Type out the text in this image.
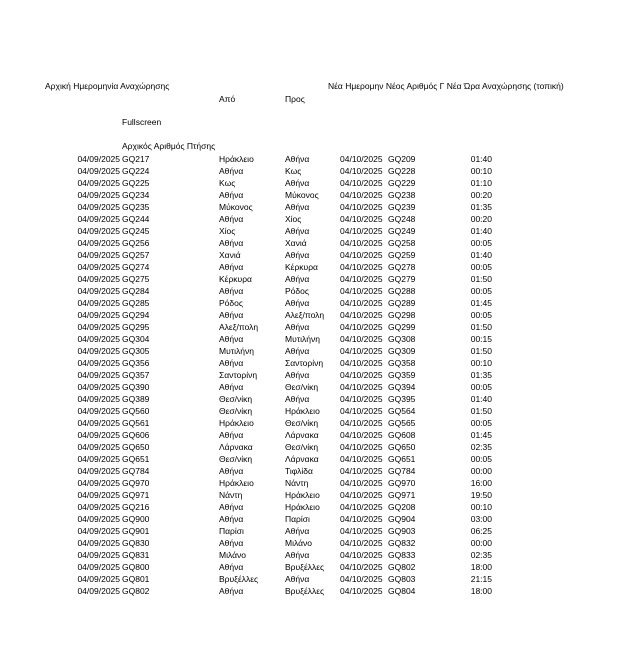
Αρχική Ημερομηνία Αναχώρησης	Νέα Ημερομην Νέος Αριθμός Γ Νέα Ώρα Αναχώρησης (τοπική)
Από	Προς
Fullscreen
Αρχικός Αριθμός Πτήσης
04/09/2025 GQ217	Ηράκλειο	Αθήνα	04/10/2025 GQ209	01:40
04/09/2025 GQ224	Αθήνα	Κως	04/10/2025 GQ228	00:10
04/09/2025 GQ225	Κως	Αθήνα	04/10/2025 GQ229	01:10
04/09/2025 GQ234	Αθήνα	Μύκονος	04/10/2025 GQ238	00:20
04/09/2025 GQ235	Μύκονος	Αθήνα	04/10/2025 GQ239	01:35
04/09/2025 GQ244	Αθήνα	Χίος	04/10/2025 GQ248	00:20
04/09/2025 GQ245	Χίος	Αθήνα	04/10/2025 GQ249	01:40
04/09/2025 GQ256	Αθήνα	Χανιά	04/10/2025 GQ258	00:05
04/09/2025 GQ257	Χανιά	Αθήνα	04/10/2025 GQ259	01:40
04/09/2025 GQ274	Αθήνα	Κέρκυρα	04/10/2025 GQ278	00:05
04/09/2025 GQ275	Κέρκυρα	Αθήνα	04/10/2025 GQ279	01:50
04/09/2025 GQ284	Αθήνα	Ρόδος	04/10/2025 GQ288	00:05
04/09/2025 GQ285	Ρόδος	Αθήνα	04/10/2025 GQ289	01:45
04/09/2025 GQ294	Αθήνα	Αλεξ/πολη 04/10/2025 GQ298	00:05
04/09/2025 GQ295	Αλεξ/πολη	Αθήνα	04/10/2025 GQ299	01:50
04/09/2025 GQ304	Αθήνα	Μυτιλήνη 04/10/2025 GQ308	00:15
04/09/2025 GQ305	Μυτιλήνη	Αθήνα	04/10/2025 GQ309	01:50
04/09/2025 GQ356	Αθήνα	Σαντορίνη 04/10/2025 GQ358	00:10
04/09/2025 GQ357	Σαντορίνη	Αθήνα	04/10/2025 GQ359	01:35
04/09/2025 GQ390	Αθήνα	Θεσ/νίκη	04/10/2025 GQ394	00:05
04/09/2025 GQ389	Θεσ/νίκη	Αθήνα	04/10/2025 GQ395	01:40
04/09/2025 GQ560	Θεσ/νίκη	Ηράκλειο 04/10/2025 GQ564	01:50
04/09/2025 GQ561	Ηράκλειο	Θεσ/νίκη	04/10/2025 GQ565	00:05
04/09/2025 GQ606	Αθήνα	Λάρνακα	04/10/2025 GQ608	01:45
04/09/2025 GQ650	Λάρνακα	Θεσ/νίκη	04/10/2025 GQ650	02:35
04/09/2025 GQ651	Θεσ/νίκη	Λάρνακα	04/10/2025 GQ651	00:05
04/09/2025 GQ784	Αθήνα	Τιφλίδα	04/10/2025 GQ784	00:00
04/09/2025 GQ970	Ηράκλειο	Νάντη	04/10/2025 GQ970	16:00
04/09/2025 GQ971	Νάντη	Ηράκλειο 04/10/2025 GQ971	19:50
04/09/2025 GQ216	Αθήνα	Ηράκλειο 04/10/2025 GQ208	00:10
04/09/2025 GQ900	Αθήνα	Παρίσι	04/10/2025 GQ904	03:00
04/09/2025 GQ901	Παρίσι	Αθήνα	04/10/2025 GQ903	06:25
04/09/2025 GQ830	Αθήνα	Μιλάνο	04/10/2025 GQ832	00:00
04/09/2025 GQ831	Μιλάνο	Αθήνα	04/10/2025 GQ833	02:35
04/09/2025 GQ800	Αθήνα	Βρυξέλλες 04/10/2025 GQ802	18:00
04/09/2025 GQ801	Βρυξέλλες	Αθήνα	04/10/2025 GQ803	21:15
04/09/2025 GQ802	Αθήνα	Βρυξέλλες 04/10/2025 GQ804	18:00
